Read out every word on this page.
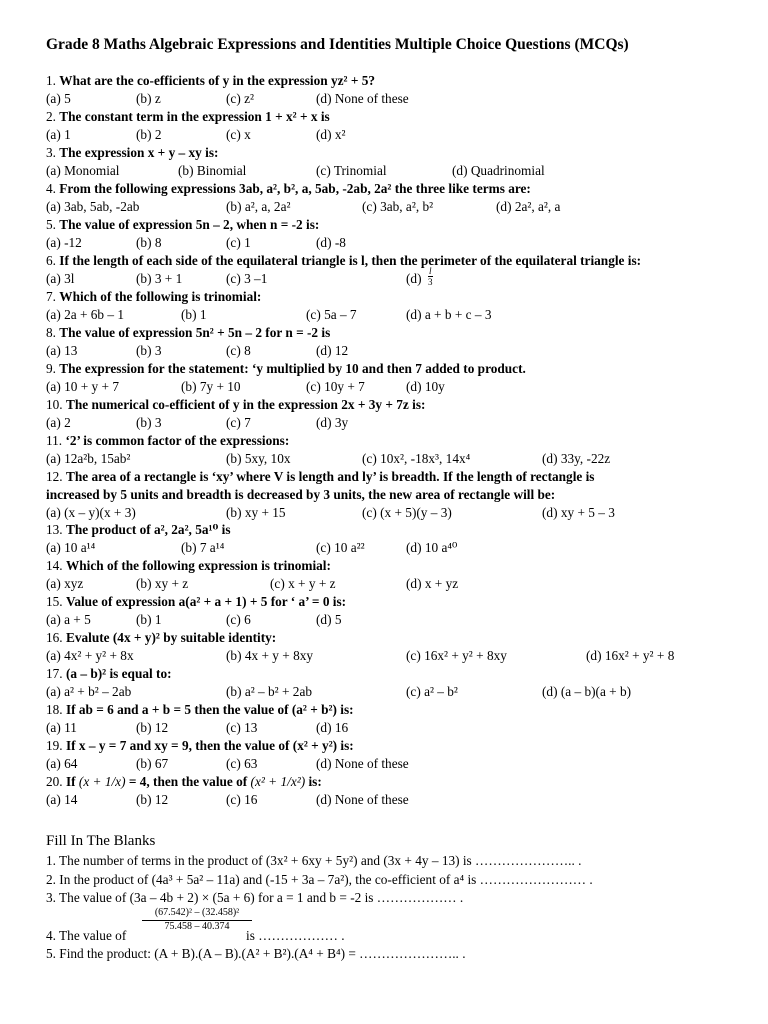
Grade 8 Maths Algebraic Expressions and Identities Multiple Choice Questions (MCQs)
1. What are the co-efficients of y in the expression yz² + 5?
(a) 5	(b) z	(c) z²	(d) None of these
2. The constant term in the expression 1 + x² + x is
(a) 1	(b) 2	(c) x	(d) x²
3. The expression x + y – xy is:
(a) Monomial	(b) Binomial	(c) Trinomial	(d) Quadrinomial
4. From the following expressions 3ab, a², b², a, 5ab, -2ab, 2a² the three like terms are:
(a) 3ab, 5ab, -2ab	(b) a², a, 2a²	(c) 3ab, a², b²	(d) 2a², a², a
5. The value of expression 5n – 2, when n = -2 is:
(a) -12	(b) 8	(c) 1	(d) -8
6. If the length of each side of the equilateral triangle is l, then the perimeter of the equilateral triangle is:
(a) 3l	(b) 3 + 1	(c) 3 –1	$(d) \frac{l}{3}$
7. Which of the following is trinomial:
(a) 2a + 6b – 1	(b) 1	(c) 5a – 7	(d) a + b + c – 3
8. The value of expression 5n² + 5n – 2 for n = -2 is
(a) 13	(b) 3	(c) 8	(d) 12
9. The expression for the statement: ‘y multiplied by 10 and then 7 added to product.
(a) 10 + y + 7	(b) 7y + 10	(c) 10y + 7	(d) 10y
10. The numerical co-efficient of y in the expression 2x + 3y + 7z is:
(a) 2	(b) 3	(c) 7	(d) 3y
11. ‘2’ is common factor of the expressions:
(a) 12a²b, 15ab²	(b) 5xy, 10x	(c) 10x², -18x³, 14x⁴	(d) 33y, -22z
12. The area of a rectangle is ‘xy’ where V is length and ly’ is breadth. If the length of rectangle is
increased by 5 units and breadth is decreased by 3 units, the new area of rectangle will be:
(a) (x – y)(x + 3)	(b) xy + 15	(c) (x + 5)(y – 3)	(d) xy + 5 – 3
13. The product of a², 2a², 5a¹⁰ is
(a) 10 a¹⁴	(b) 7 a¹⁴	(c) 10 a²²	(d) 10 a⁴⁰
14. Which of the following expression is trinomial:
(a) xyz	(b) xy + z	(c) x + y + z	(d) x + yz
15. Value of expression a(a² + a + 1) + 5 for ‘ a’ = 0 is:
(a) a + 5	(b) 1	(c) 6	(d) 5
16. Evalute (4x + y)² by suitable identity:
(a) 4x² + y² + 8x	(b) 4x + y + 8xy	(c) 16x² + y² + 8xy	(d) 16x² + y² + 8
17. (a – b)² is equal to:
(a) a² + b² – 2ab	(b) a² – b² + 2ab	(c) a² – b²	(d) (a – b)(a + b)
18. If ab = 6 and a + b = 5 then the value of (a² + b²) is:
(a) 11	(b) 12	(c) 13	(d) 16
19. If x – y = 7 and xy = 9, then the value of (x² + y²) is:
(a) 64	(b) 67	(c) 63	(d) None of these
20. If (x + 1/x) = 4, then the value of (x² + 1/x²) is:
(a) 14	(b) 12	(c) 16	(d) None of these
Fill In The Blanks
1. The number of terms in the product of (3x² + 6xy + 5y²) and (3x + 4y – 13) is ………………….. .
2. In the product of (4a³ + 5a² – 11a) and (-15 + 3a – 7a²), the co-efficient of a⁴ is …………………… .
3. The value of (3a – 4b + 2) × (5a + 6) for a = 1 and b = -2 is ……………… .
4. The value of
$\frac{\text{(67.542)² – (32.458)²}}{75.458 - 40.374}$
is ……………… .
5. Find the product: (A + B).(A – B).(A² + B²).(A⁴ + B⁴) = ………………….. .
